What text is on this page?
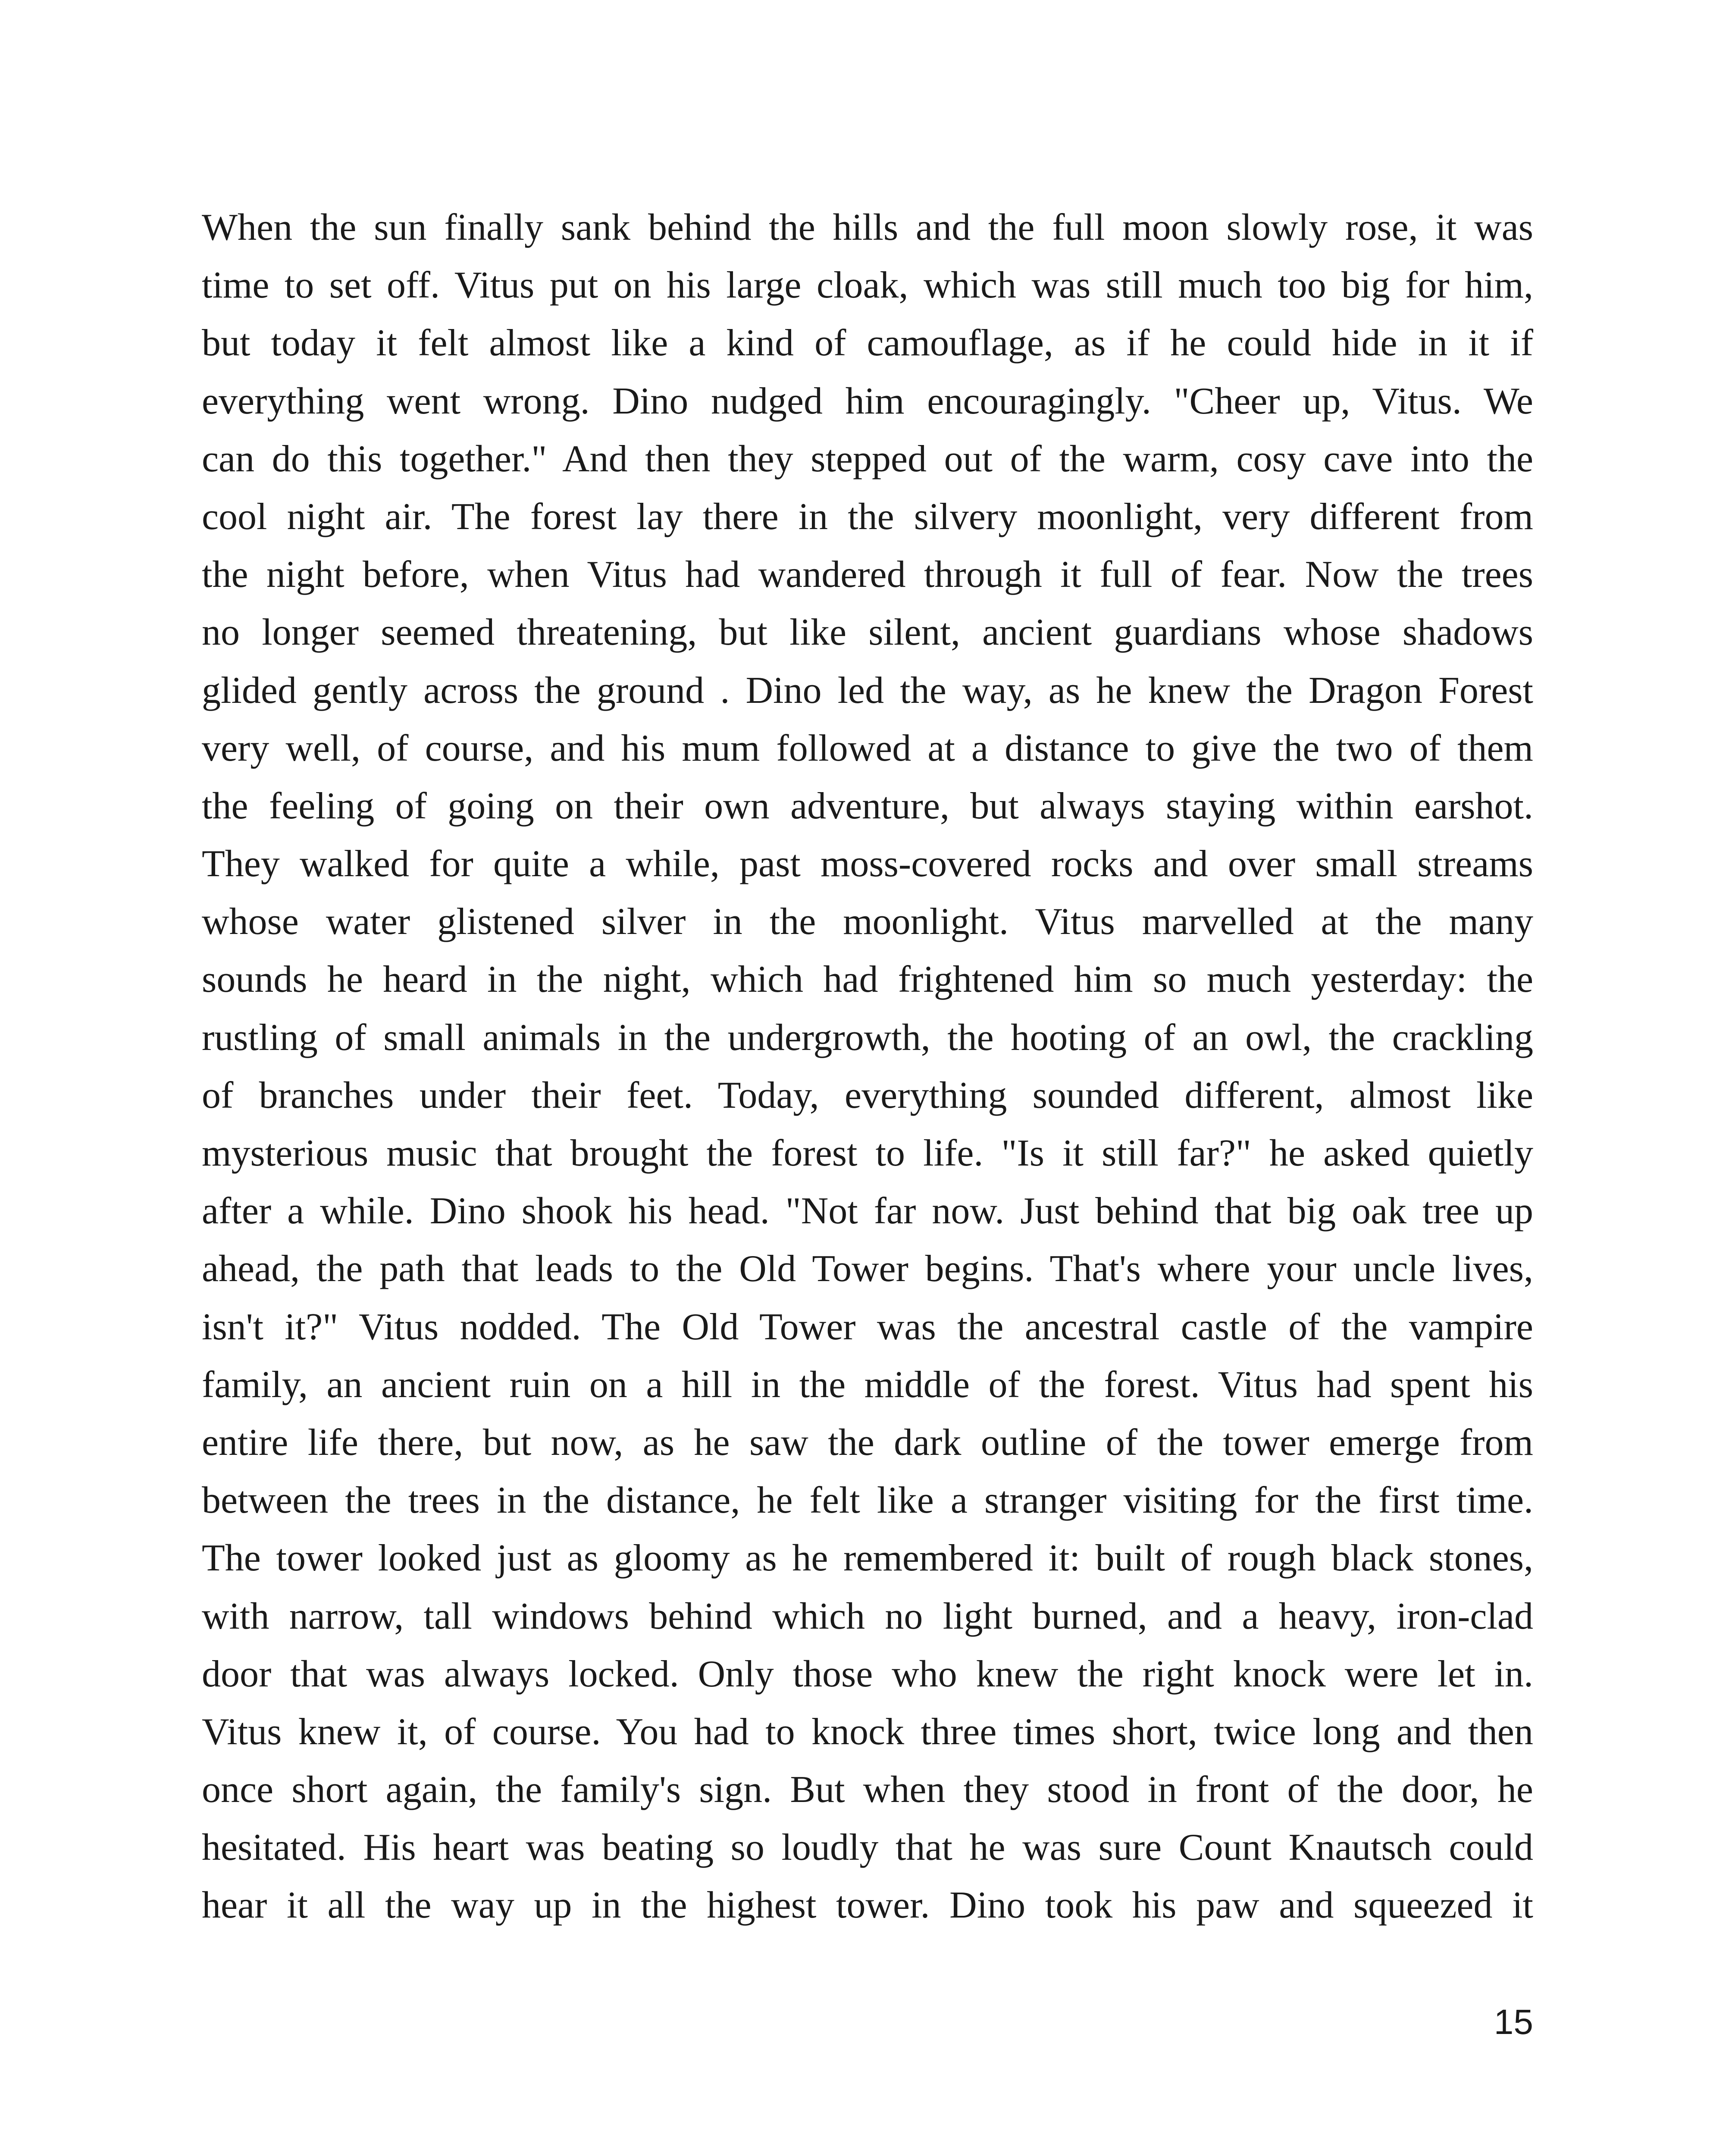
When the sun finally sank behind the hills and the full moon slowly rose, it was
time to set off. Vitus put on his large cloak, which was still much too big for him,
but today it felt almost like a kind of camouflage, as if he could hide in it if
everything went wrong. Dino nudged him encouragingly. "Cheer up, Vitus. We
can do this together." And then they stepped out of the warm, cosy cave into the
cool night air. The forest lay there in the silvery moonlight, very different from
the night before, when Vitus had wandered through it full of fear. Now the trees
no longer seemed threatening, but like silent, ancient guardians whose shadows
glided gently across the ground . Dino led the way, as he knew the Dragon Forest
very well, of course, and his mum followed at a distance to give the two of them
the feeling of going on their own adventure, but always staying within earshot.
They walked for quite a while, past moss-covered rocks and over small streams
whose water glistened silver in the moonlight. Vitus marvelled at the many
sounds he heard in the night, which had frightened him so much yesterday: the
rustling of small animals in the undergrowth, the hooting of an owl, the crackling
of branches under their feet. Today, everything sounded different, almost like
mysterious music that brought the forest to life. "Is it still far?" he asked quietly
after a while. Dino shook his head. "Not far now. Just behind that big oak tree up
ahead, the path that leads to the Old Tower begins. That's where your uncle lives,
isn't it?" Vitus nodded. The Old Tower was the ancestral castle of the vampire
family, an ancient ruin on a hill in the middle of the forest. Vitus had spent his
entire life there, but now, as he saw the dark outline of the tower emerge from
between the trees in the distance, he felt like a stranger visiting for the first time.
The tower looked just as gloomy as he remembered it: built of rough black stones,
with narrow, tall windows behind which no light burned, and a heavy, iron-clad
door that was always locked. Only those who knew the right knock were let in.
Vitus knew it, of course. You had to knock three times short, twice long and then
once short again, the family's sign. But when they stood in front of the door, he
hesitated. His heart was beating so loudly that he was sure Count Knautsch could
hear it all the way up in the highest tower. Dino took his paw and squeezed it
15
